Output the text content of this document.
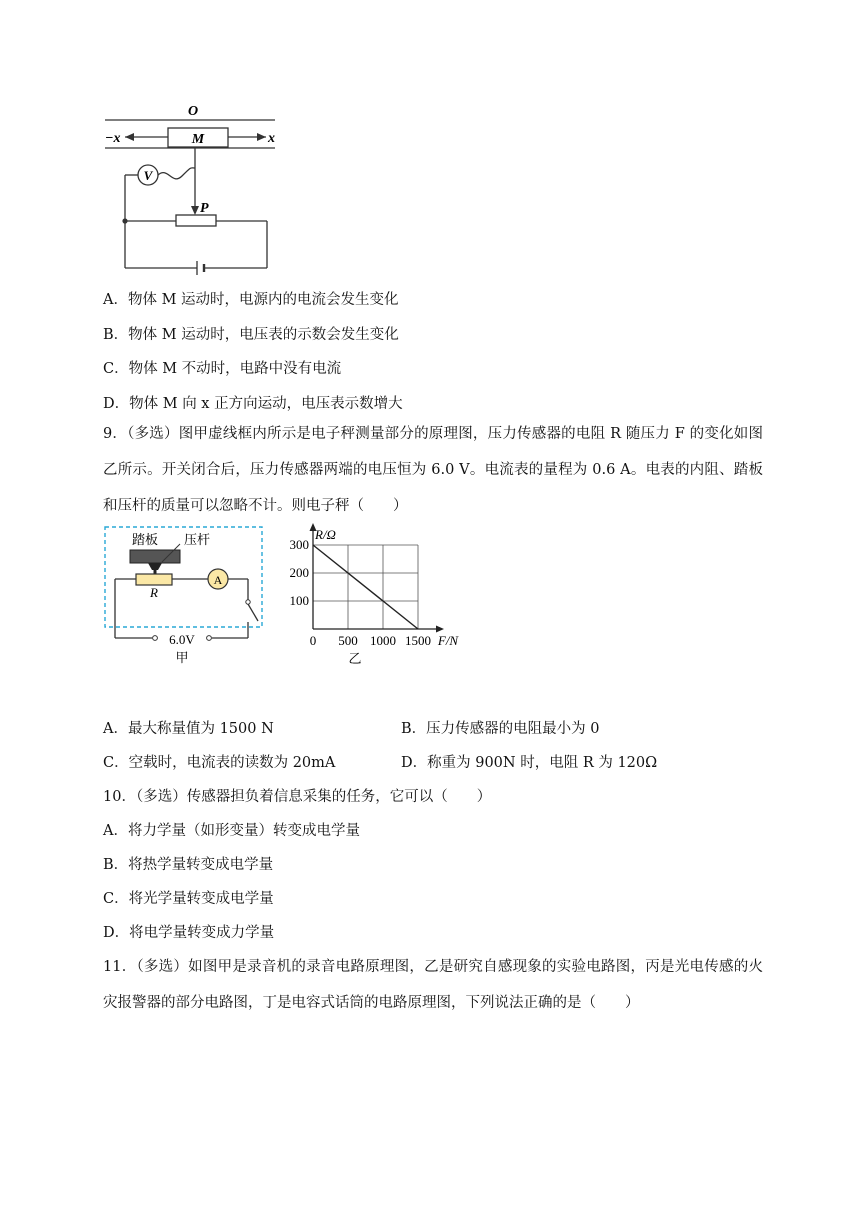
O
M
−x	x
V
P
A．物体 M 运动时，电源内的电流会发生变化
B．物体 M 运动时，电压表的示数会发生变化
C．物体 M 不动时，电路中没有电流
D．物体 M 向 x 正方向运动，电压表示数增大
9．（多选）图甲虚线框内所示是电子秤测量部分的原理图，压力传感器的电阻 R 随压力 F 的变化如图乙所示。开关闭合后，压力传感器两端的电压恒为 6.0 V。电流表的量程为 0.6 A。电表的内阻、踏板和压杆的质量可以忽略不计。则电子秤（　　）
踏板 压杆
R
A
6.0V
甲
0 500 1000 1500
100
200
300
F/N
R/Ω
乙
A．最大称量值为 1500 N	B．压力传感器的电阻最小为 0
C．空载时，电流表的读数为 20mA	D．称重为 900N 时，电阻 R 为 120Ω
10．（多选）传感器担负着信息采集的任务，它可以（　　）
A．将力学量（如形变量）转变成电学量
B．将热学量转变成电学量
C．将光学量转变成电学量
D．将电学量转变成力学量
11．（多选）如图甲是录音机的录音电路原理图，乙是研究自感现象的实验电路图，丙是光电传感的火灾报警器的部分电路图，丁是电容式话筒的电路原理图，下列说法正确的是（　　）
